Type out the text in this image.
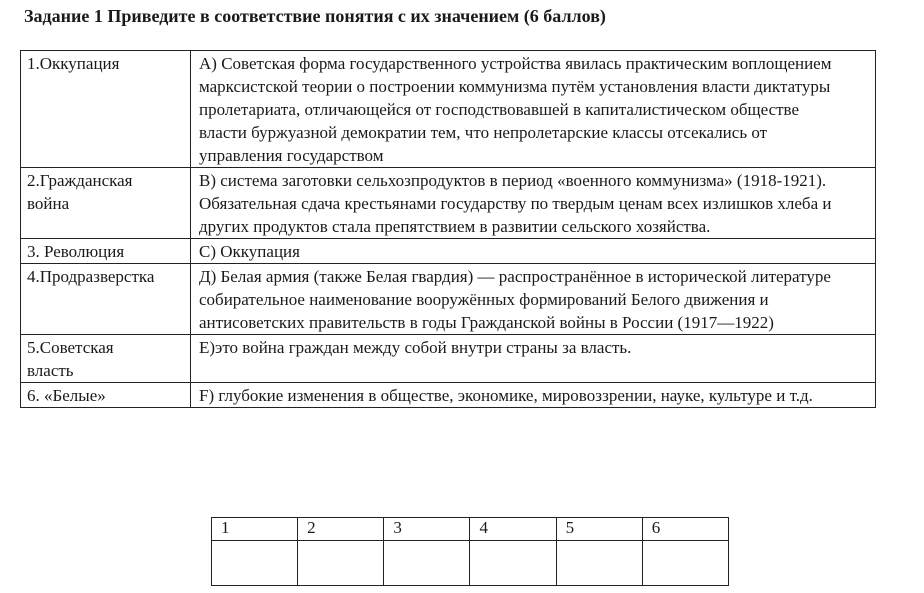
Задание 1 Приведите в соответствие понятия с их значением (6 баллов)
1.Оккупация	А) Советская форма государственного устройства явилась практическим воплощением марксистской теории о построении коммунизма путём установления власти диктатуры пролетариата, отличающейся от господствовавшей в капиталистическом обществе власти буржуазной демократии тем, что непролетарские классы отсекались от управления государством

2.Гражданская война	В) система заготовки сельхозпродуктов в период «военного коммунизма» (1918-1921). Обязательная сдача крестьянами государству по твердым ценам всех излишков хлеба и других продуктов стала препятствием в развитии сельского хозяйства.
3. Революция	С) Оккупация
4.Продразверстка	Д) Белая армия (также Белая гвардия) — распространённое в исторической литературе собирательное наименование вооружённых формирований Белого движения и антисоветских правительств в годы Гражданской войны в России (1917—1922)

5.Советская власть	Е)это война граждан между собой внутри страны за власть.
6. «Белые»	F) глубокие изменения в обществе, экономике, мировоззрении, науке, культуре и т.д.
1	2	3	4	5	6
